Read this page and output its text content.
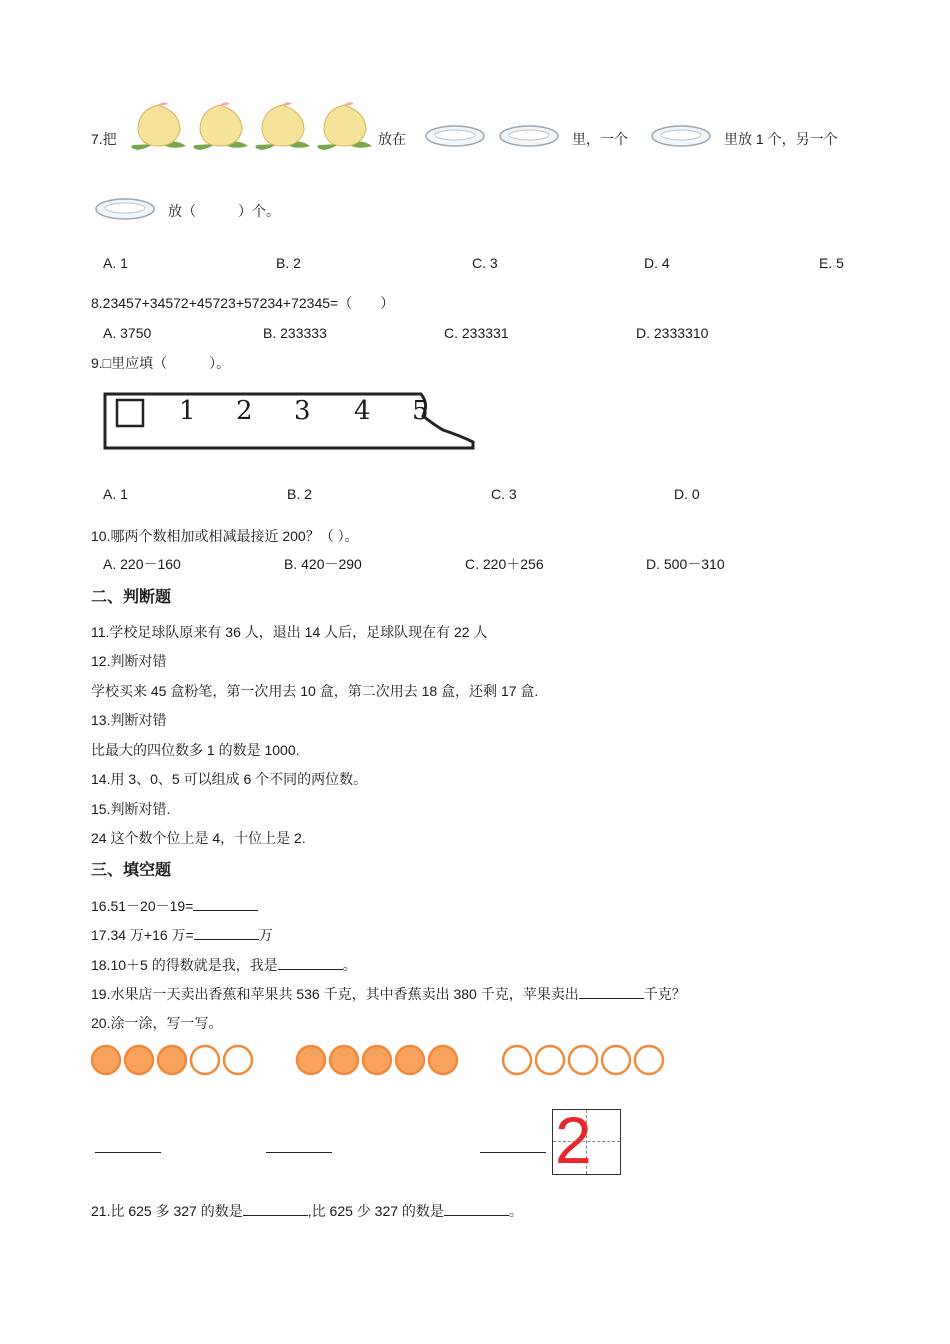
7.把	放在	里，一个	里放 1 个，另一个
放（　　　）个。
A. 1	B. 2	C. 3	D. 4	E. 5
8.23457+34572+45723+57234+72345=（　　）
A. 3750	B. 233333	C. 233331	D. 2333310
9.□里应填（　　　）。
1 2 3 4 5
A. 1	B. 2	C. 3	D. 0
10.哪两个数相加或相减最接近 200？（ ）。
A. 220－160	B. 420－290	C. 220＋256	D. 500－310
二、判断题
11.学校足球队原来有 36 人，退出 14 人后，足球队现在有 22 人
12.判断对错
学校买来 45 盒粉笔，第一次用去 10 盒，第二次用去 18 盒，还剩 17 盒.
13.判断对错
比最大的四位数多 1 的数是 1000.
14.用 3、0、5 可以组成 6 个不同的两位数。
15.判断对错.
24 这个数个位上是 4，十位上是 2.
三、填空题
16.51－20－19=
17.34 万+16 万=	万
18.10＋5 的得数就是我，我是	。
19.水果店一天卖出香蕉和苹果共 536 千克，其中香蕉卖出 380 千克，苹果卖出	千克？
20.涂一涂，写一写。
2
21.比 625 多 327 的数是	,比 625 少 327 的数是	。
